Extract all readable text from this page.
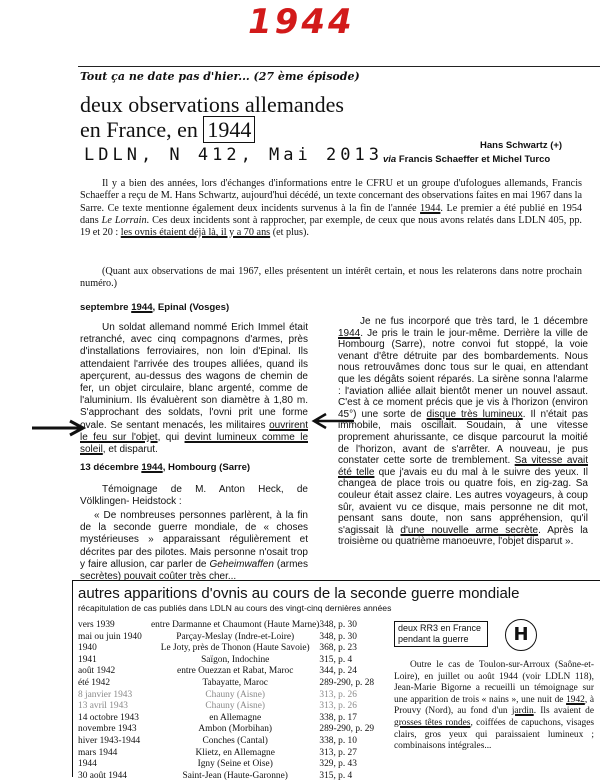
1944
Tout ça ne date pas d'hier... (27 ème épisode)
deux observations allemandes
en France, en 1944
LDLN, N 412, Mai 2013	Hans Schwartz (+)
via Francis Schaeffer et Michel Turco
Il y a bien des années, lors d'échanges d'informations entre le CFRU et un groupe d'ufologues allemands, Francis Schaeffer a reçu de M. Hans Schwartz, aujourd'hui décédé, un texte concernant des observations faites en mai 1967 dans la Sarre. Ce texte mentionne également deux incidents survenus à la fin de l'année 1944. Le premier a été publié en 1954 dans Le Lorrain. Ces deux incidents sont à rapprocher, par exemple, de ceux que nous avons relatés dans LDLN 405, pp. 19 et 20 : les ovnis étaient déjà là, il y a 70 ans (et plus).
(Quant aux observations de mai 1967, elles présentent un intérêt certain, et nous les relaterons dans notre prochain numéro.)
septembre 1944, Epinal (Vosges)
Un soldat allemand nommé Erich Immel était retranché, avec cinq compagnons d'armes, près d'installations ferroviaires, non loin d'Epinal. Ils attendaient l'arrivée des troupes alliées, quand ils aperçurent, au-dessus des wagons de chemin de fer, un objet circulaire, blanc argenté, comme de l'aluminium. Ils évaluèrent son diamètre à 1,80 m. S'approchant des soldats, l'ovni prit une forme ovale. Se sentant menacés, les militaires ouvrirent le feu sur l'objet, qui devint lumineux comme le soleil, et disparut.
13 décembre 1944, Hombourg (Sarre)
Témoignage de M. Anton Heck, de Völklingen- Heidstock :
« De nombreuses personnes parlèrent, à la fin de la seconde guerre mondiale, de « choses mystérieuses » apparaissant régulièrement et décrites par des pilotes. Mais personne n'osait trop y faire allusion, car parler de Geheimwaffen (armes secrètes) pouvait coûter très cher...
Je ne fus incorporé que très tard, le 1 décembre 1944. Je pris le train le jour-même. Derrière la ville de Hombourg (Sarre), notre convoi fut stoppé, la voie venant d'être détruite par des bombardements. Nous nous retrouvâmes donc tous sur le quai, en attendant que les dégâts soient réparés. La sirène sonna l'alarme : l'aviation alliée allait bientôt mener un nouvel assaut. C'est à ce moment précis que je vis à l'horizon (environ 45°) une sorte de disque très lumineux. Il n'était pas immobile, mais oscillait. Soudain, à une vitesse proprement ahurissante, ce disque parcourut la moitié de l'horizon, avant de s'arrêter. A nouveau, je pus constater cette sorte de tremblement. Sa vitesse avait été telle que j'avais eu du mal à le suivre des yeux. Il changea de place trois ou quatre fois, en zig-zag. Sa couleur était assez claire. Les autres voyageurs, à coup sûr, avaient vu ce disque, mais personne ne dit mot, pensant sans doute, non sans appréhension, qu'il s'agissait là d'une nouvelle arme secrète. Après la troisième ou quatrième manoeuvre, l'objet disparut ».
autres apparitions d'ovnis au cours de la seconde guerre mondiale
récapitulation de cas publiés dans LDLN au cours des vingt-cinq dernières années
vers 1939	entre Darmanne et Chaumont (Haute Marne)	348, p. 30
mai ou juin 1940	Parçay-Meslay (Indre-et-Loire)	348, p. 30
1940	Le Joty, près de Thonon (Haute Savoie)	368, p. 23
1941	Saïgon, Indochine	315, p. 4
août 1942	entre Ouezzan et Rabat, Maroc	344, p. 24
été 1942	Tabayatte, Maroc	289-290, p. 28
8 janvier 1943	Chauny (Aisne)	313, p. 26
13 avril 1943	Chauny (Aisne)	313, p. 26
14 octobre 1943	en Allemagne	338, p. 17
novembre 1943	Ambon (Morbihan)	289-290, p. 29
hiver 1943-1944	Conches (Cantal)	338, p. 10
mars 1944	Klietz, en Allemagne	313, p. 27
1944	Igny (Seine et Oise)	329, p. 43
30 août 1944	Saint-Jean (Haute-Garonne)	315, p. 4
deux RR3 en France pendant la guerre	H
Outre le cas de Toulon-sur-Arroux (Saône-et-Loire), en juillet ou août 1944 (voir LDLN 118), Jean-Marie Bigorne a recueilli un témoignage sur une apparition de trois « nains », une nuit de 1942, à Prouvy (Nord), au fond d'un jardin. Ils avaient de grosses têtes rondes, coiffées de capuchons, visages clairs, gros yeux qui paraissaient lumineux ; combinaisons intégrales...
